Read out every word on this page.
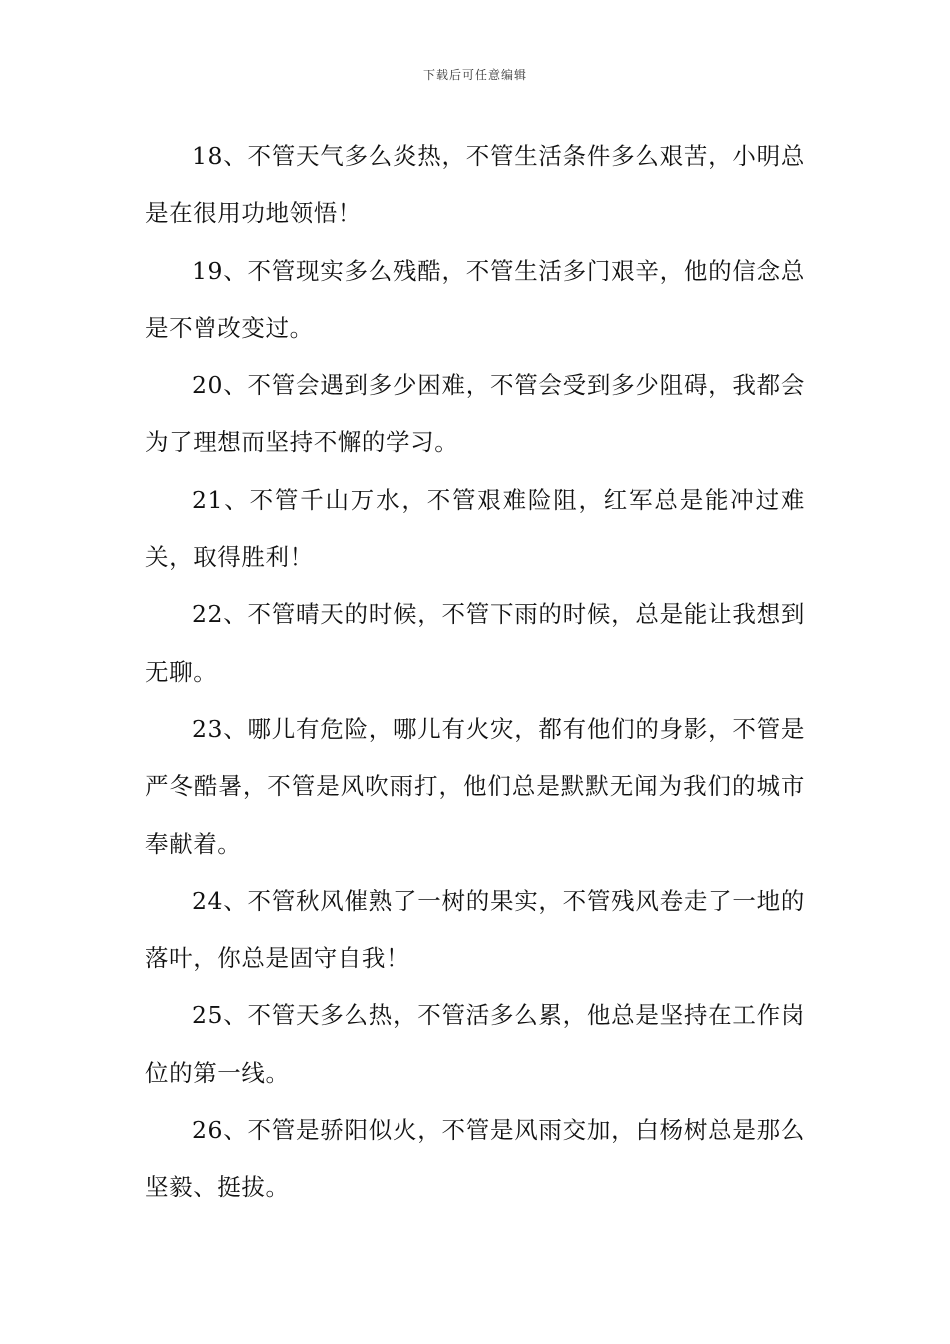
下载后可任意编辑

18、不管天气多么炎热，不管生活条件多么艰苦，小明总是在很用功地领悟！

19、不管现实多么残酷，不管生活多门艰辛，他的信念总是不曾改变过。

20、不管会遇到多少困难，不管会受到多少阻碍，我都会为了理想而坚持不懈的学习。

21、不管千山万水，不管艰难险阻，红军总是能冲过难关，取得胜利！

22、不管晴天的时候，不管下雨的时候，总是能让我想到无聊。

23、哪儿有危险，哪儿有火灾，都有他们的身影，不管是严冬酷暑，不管是风吹雨打，他们总是默默无闻为我们的城市奉献着。

24、不管秋风催熟了一树的果实，不管残风卷走了一地的落叶，你总是固守自我！

25、不管天多么热，不管活多么累，他总是坚持在工作岗位的第一线。

26、不管是骄阳似火，不管是风雨交加，白杨树总是那么坚毅、挺拔。
